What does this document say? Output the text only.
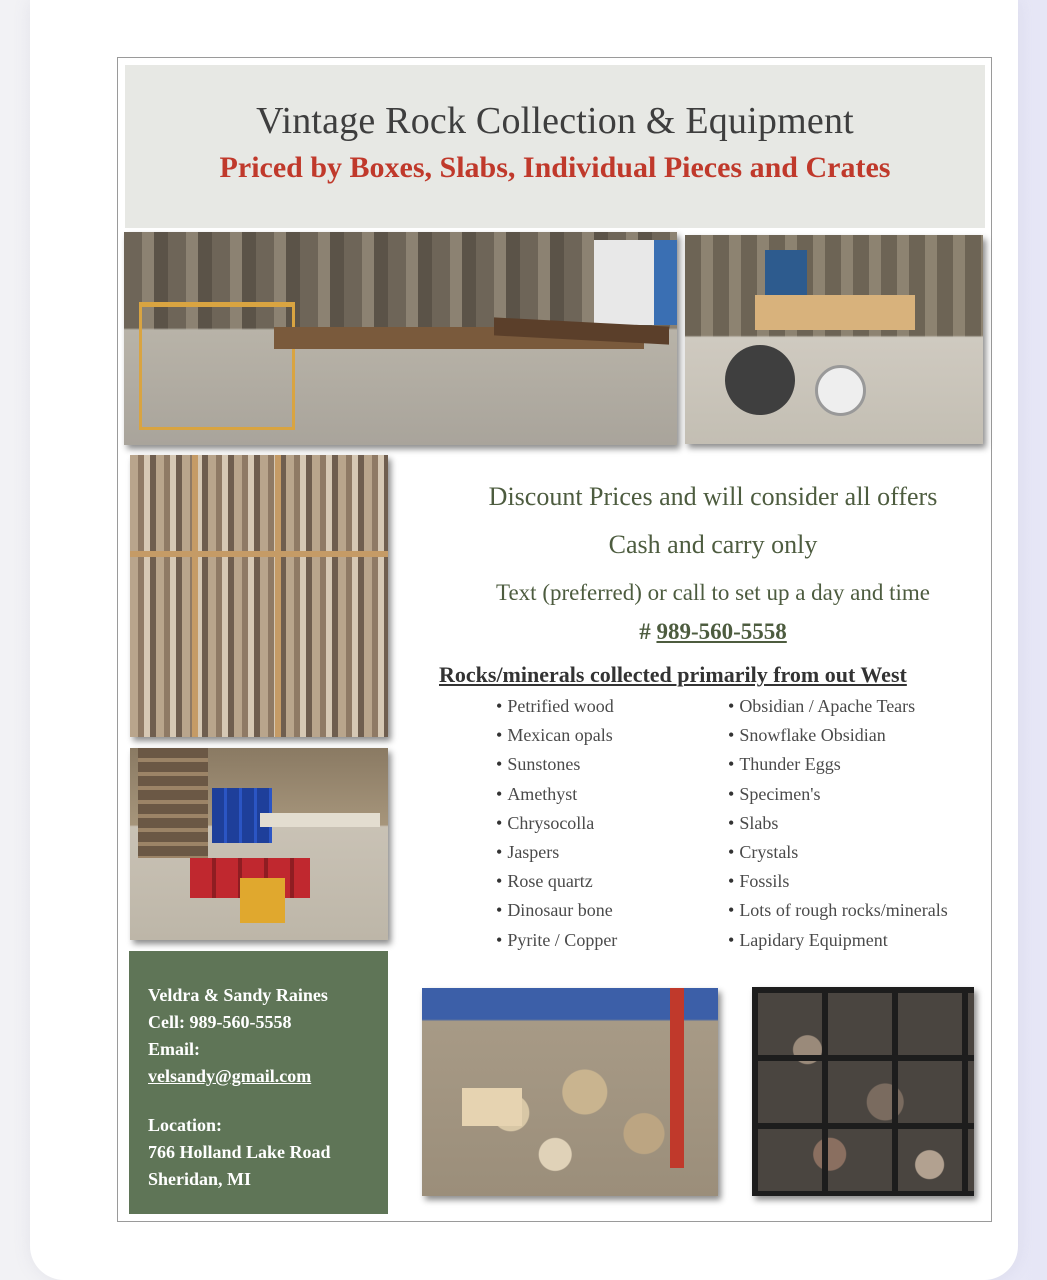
Vintage Rock Collection & Equipment
Priced by Boxes, Slabs, Individual Pieces and Crates
Discount Prices and will consider all offers
Cash and carry only
Text (preferred) or call to set up a day and time
# 989-560-5558
Rocks/minerals collected primarily from out West
• Petrified wood
• Mexican opals
• Sunstones
• Amethyst
• Chrysocolla
• Jaspers
• Rose quartz
• Dinosaur bone
• Pyrite / Copper
• Obsidian / Apache Tears
• Snowflake Obsidian
• Thunder Eggs
• Specimen's
• Slabs
• Crystals
• Fossils
• Lots of rough rocks/minerals
• Lapidary Equipment
Veldra & Sandy Raines
Cell: 989-560-5558
Email:
velsandy@gmail.com
Location:
766 Holland Lake Road
Sheridan, MI
